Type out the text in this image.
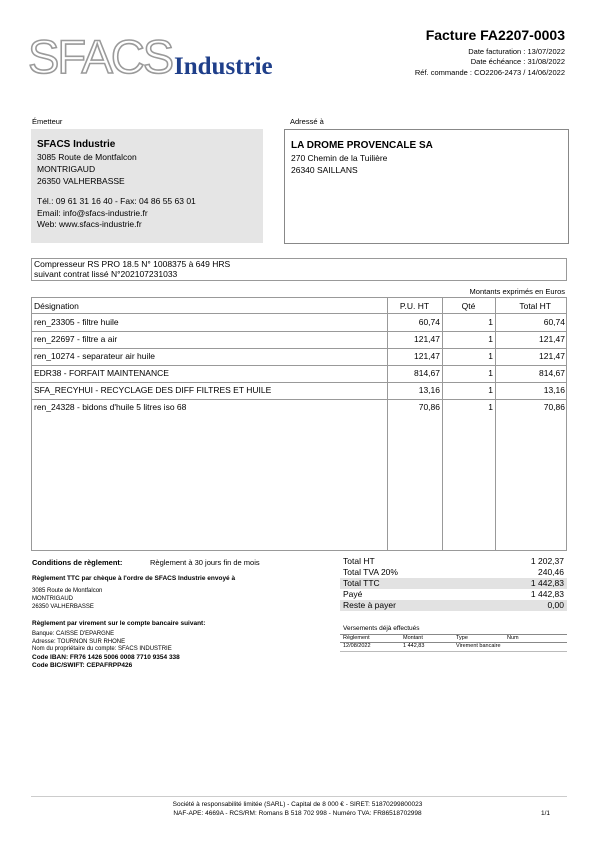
SFACS Industrie
Facture FA2207-0003
Date facturation : 13/07/2022
Date échéance : 31/08/2022
Réf. commande : CO2206-2473 / 14/06/2022
Émetteur
SFACS Industrie
3085 Route de Montfalcon
MONTRIGAUD
26350 VALHERBASSE
Tél.: 09 61 31 16 40 - Fax: 04 86 55 63 01
Email: info@sfacs-industrie.fr
Web: www.sfacs-industrie.fr
Adressé à
LA DROME PROVENCALE SA
270 Chemin de la Tuilière
26340 SAILLANS
Compresseur RS PRO 18.5 N° 1008375 à 649 HRS
suivant contrat lissé N°202107231033
Montants exprimés en Euros
Désignation	P.U. HT	Qté	Total HT
ren_23305 - filtre huile	60,74	1	60,74
ren_22697 - filtre a air	121,47	1	121,47
ren_10274 - separateur air huile	121,47	1	121,47
EDR38 - FORFAIT MAINTENANCE	814,67	1	814,67
SFA_RECYHUI - RECYCLAGE DES DIFF FILTRES ET HUILE	13,16	1	13,16
ren_24328 - bidons d'huile 5 litres iso 68	70,86	1	70,86
Conditions de règlement:	Règlement à 30 jours fin de mois
Règlement TTC par chèque à l'ordre de SFACS Industrie envoyé à
3085 Route de Montfalcon
MONTRIGAUD
26350 VALHERBASSE
Règlement par virement sur le compte bancaire suivant:
Banque: CAISSE D'EPARGNE
Adresse: TOURNON SUR RHONE
Nom du propriétaire du compte: SFACS INDUSTRIE
Code IBAN: FR76 1426 5006 0008 7710 9354 338
Code BIC/SWIFT: CEPAFRPP426
Total HT	1 202,37
Total TVA 20%	240,46
Total TTC	1 442,83
Payé	1 442,83
Reste à payer	0,00
Versements déjà effectués
Règlement	Montant	Type	Num
12/08/2022	1 442,83	Virement bancaire
Société à responsabilité limitée (SARL) - Capital de 8 000 € - SIRET: 51870299800023
NAF-APE: 4669A - RCS/RM: Romans B 518 702 998 - Numéro TVA: FR86518702998	1/1
